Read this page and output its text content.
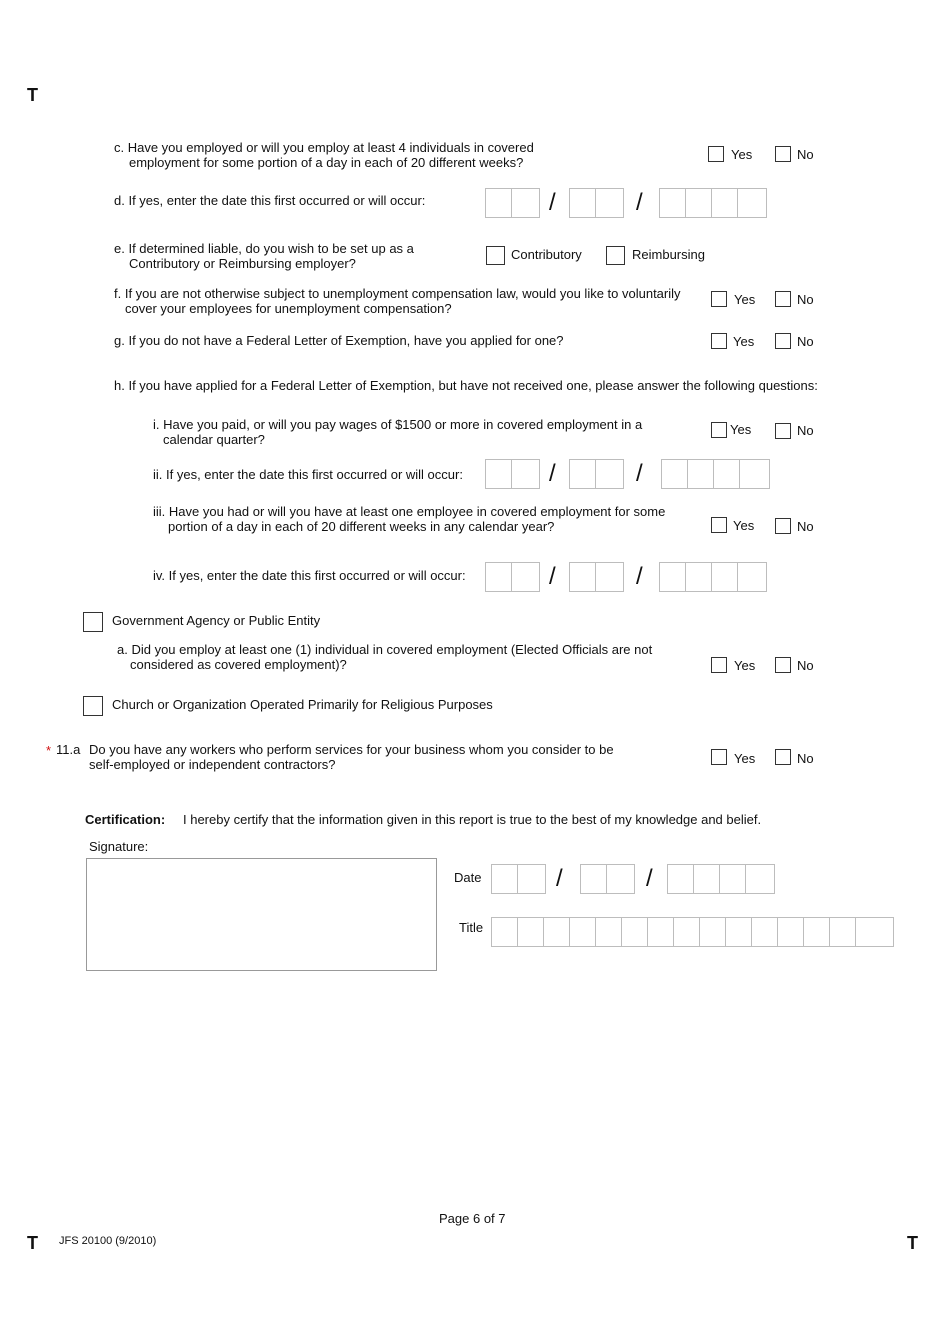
T
c. Have you employed or will you employ at least 4 individuals in covered
employment for some portion of a day in each of 20 different weeks?
Yes	No
d. If yes, enter the date this first occurred or will occur:	/	/
e. If determined liable, do you wish to be set up as a
Contributory or Reimbursing employer?
Contributory	Reimbursing
f. If you are not otherwise subject to unemployment compensation law, would you like to voluntarily
cover your employees for unemployment compensation?
Yes	No
g. If you do not have a Federal Letter of Exemption, have you applied for one?	Yes	No
h. If you have applied for a Federal Letter of Exemption, but have not received one, please answer the following questions:
i. Have you paid, or will you pay wages of $1500 or more in covered employment in a
calendar quarter?
Yes	No
ii. If yes, enter the date this first occurred or will occur:	/	/
iii. Have you had or will you have at least one employee in covered employment for some
portion of a day in each of 20 different weeks in any calendar year?	Yes	No
iv. If yes, enter the date this first occurred or will occur:	/	/
Government Agency or Public Entity
a. Did you employ at least one (1) individual in covered employment (Elected Officials are not
considered as covered employment)?	Yes	No
Church or Organization Operated Primarily for Religious Purposes
* 11.a Do you have any workers who perform services for your business whom you consider to be
self-employed or independent contractors?	Yes	No
Certification: I hereby certify that the information given in this report is true to the best of my knowledge and belief.
Signature:
Date	/	/
Title
Page 6 of 7
T JFS 20100 (9/2010)	T
